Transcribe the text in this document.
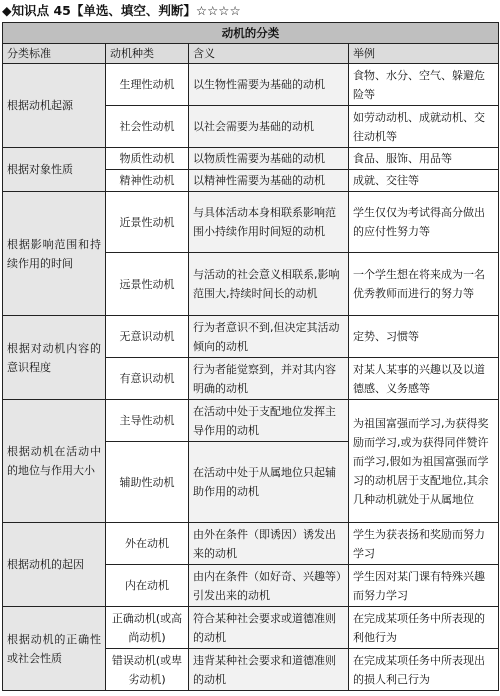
◆知识点 45【单选、填空、判断】☆☆☆☆
动机的分类			
分类标准	动机种类	含义	举例
根据动机起源	生理性动机	以生物性需要为基础的动机	食物、水分、空气、躲避危险等
	社会性动机	以社会需要为基础的动机	如劳动动机、成就动机、交往动机等
根据对象性质	物质性动机	以物质性需要为基础的动机	食品、服饰、用品等
	精神性动机	以精神性需要为基础的动机	成就、交往等
根据影响范围和持续作用的时间	近景性动机	与具体活动本身相联系影响范围小持续作用时间短的动机	学生仅仅为考试得高分做出的应付性努力等
	远景性动机	与活动的社会意义相联系,影响范围大,持续时间长的动机	一个学生想在将来成为一名优秀教师而进行的努力等
根据对动机内容的意识程度	无意识动机	行为者意识不到,但决定其活动倾向的动机	定势、习惯等
	有意识动机	行为者能觉察到，并对其内容明确的动机	对某人某事的兴趣以及以道德感、义务感等
根据动机在活动中的地位与作用大小	主导性动机	在活动中处于支配地位发挥主导作用的动机	为祖国富强而学习,为获得奖励而学习,或为获得同伴赞许而学习,假如为祖国富强而学习的动机居于支配地位,其余几种动机就处于从属地位
	辅助性动机	在活动中处于从属地位只起辅助作用的动机	
根据动机的起因	外在动机	由外在条件（即诱因）诱发出来的动机	学生为获表扬和奖励而努力学习
	内在动机	由内在条件（如好奇、兴趣等）引发出来的动机	学生因对某门课有特殊兴趣而努力学习
根据动机的正确性或社会性质	正确动机(或高尚动机)	符合某种社会要求或道德准则的动机	在完成某项任务中所表现的利他行为
	错误动机(或卑劣动机)	违背某种社会要求和道德准则的动机	在完成某项任务中所表现出的损人利己行为
